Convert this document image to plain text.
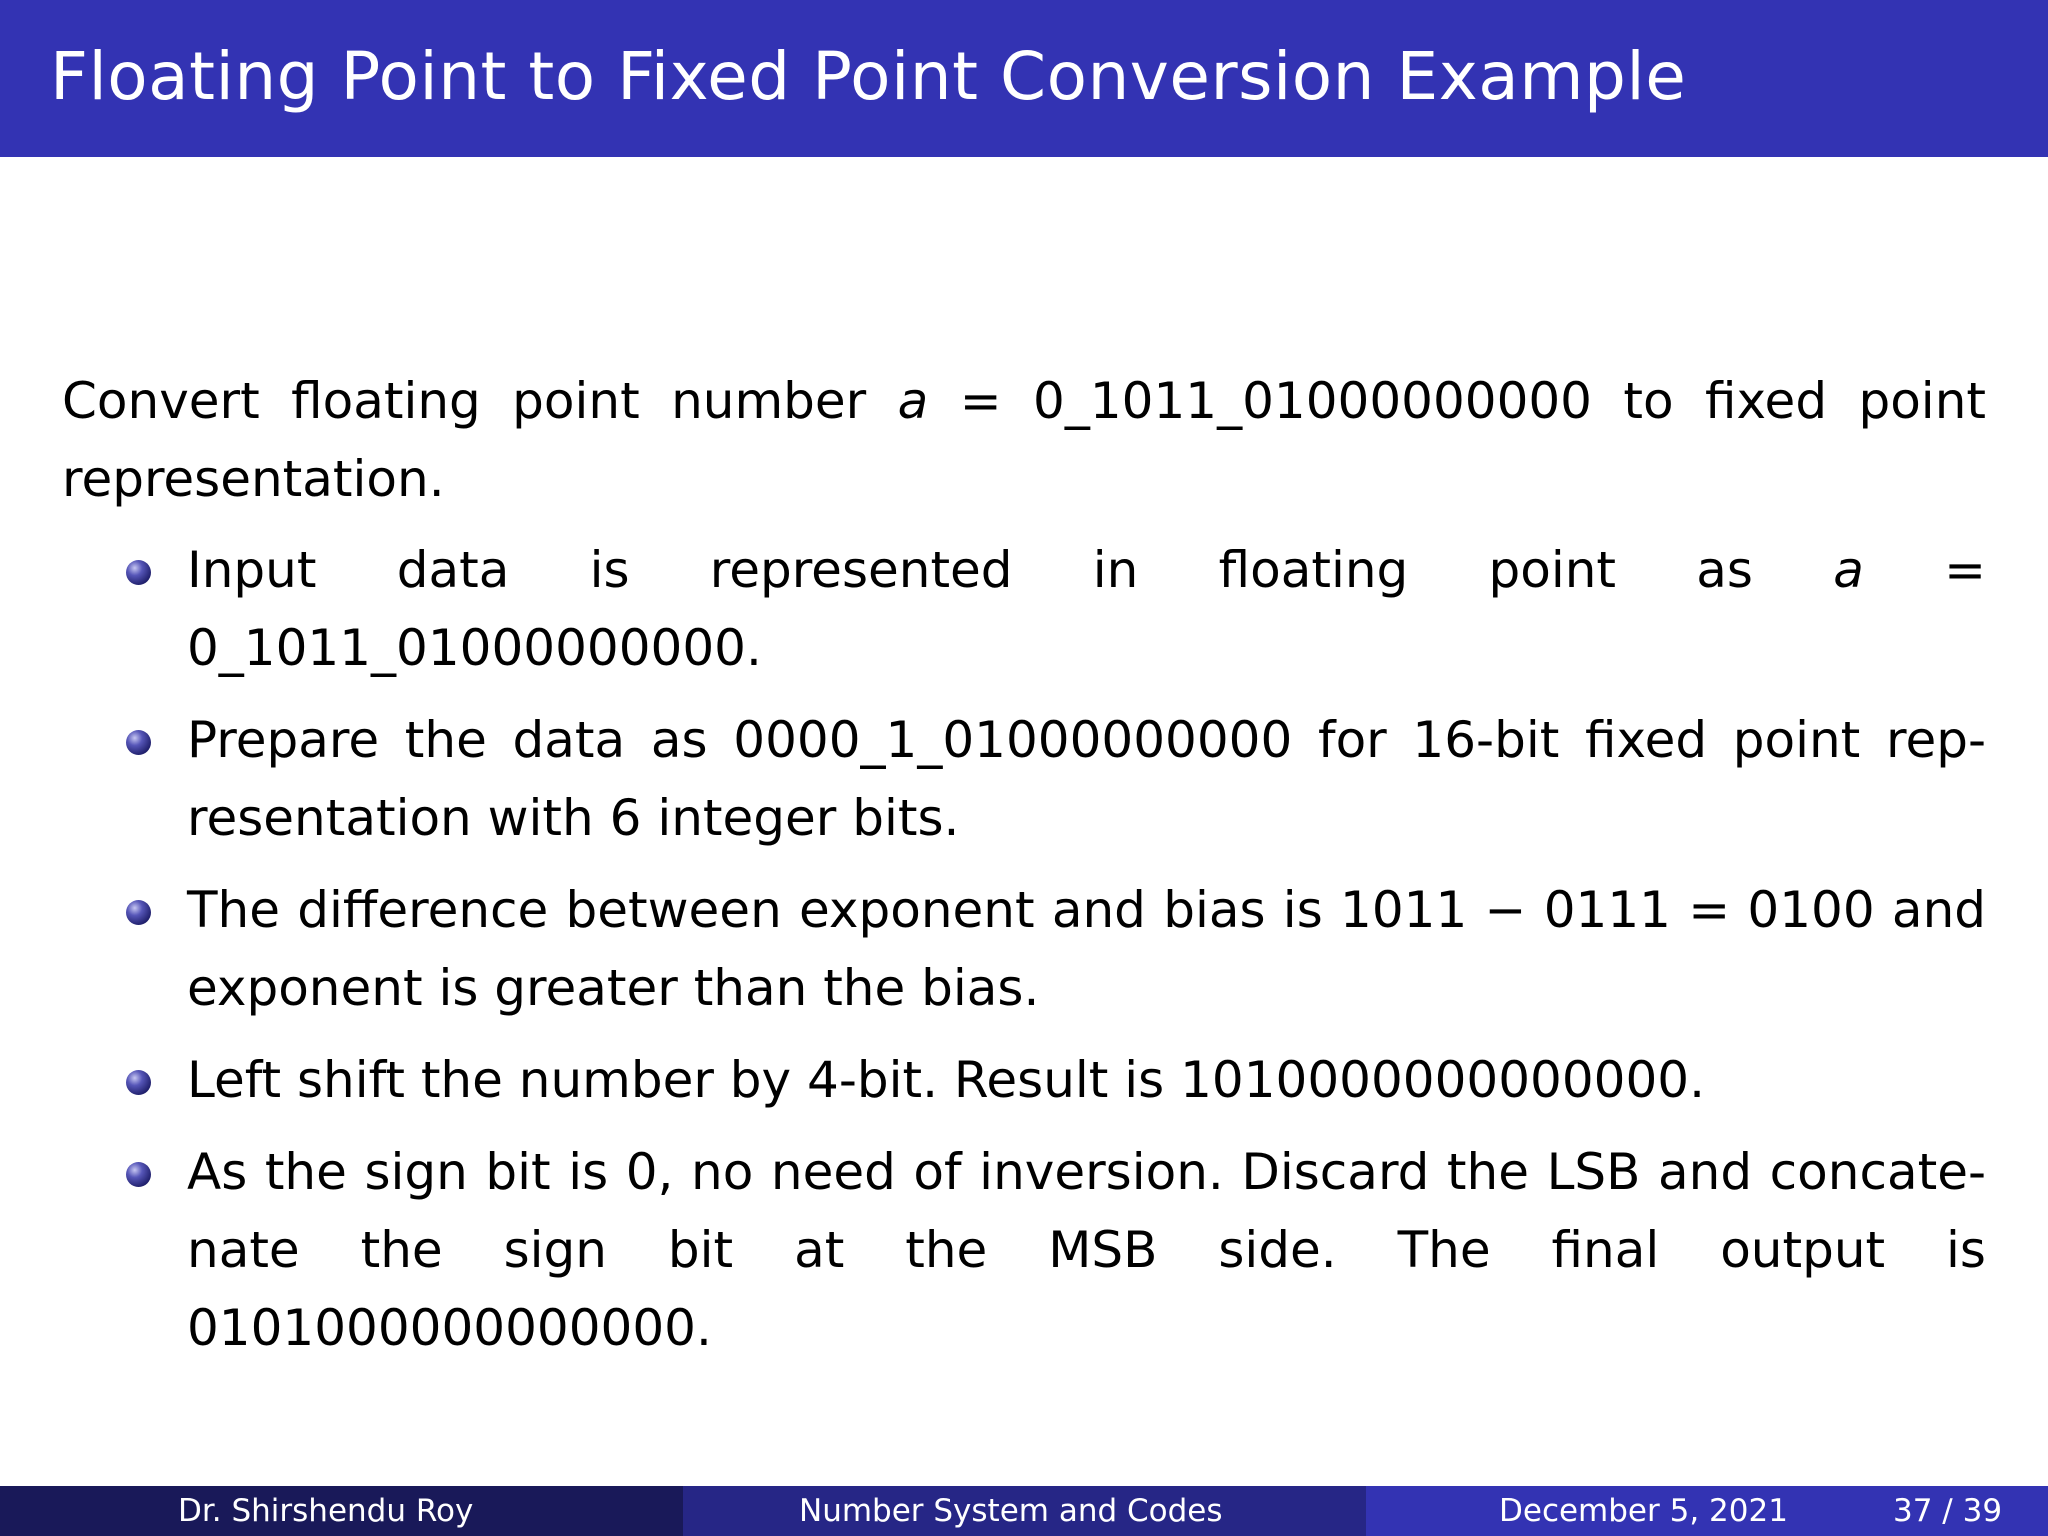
Floating Point to Fixed Point Conversion Example

Convert floating point number a = 0_1011_01000000000 to fixed point representation.

Input data is represented in floating point as a = 0_1011_01000000000.
Prepare the data as 0000_1_01000000000 for 16-bit fixed point rep-resentation with 6 integer bits.
The difference between exponent and bias is 1011 − 0111 = 0100 and exponent is greater than the bias.
Left shift the number by 4-bit. Result is 1010000000000000.
As the sign bit is 0, no need of inversion. Discard the LSB and concate-nate the sign bit at the MSB side. The final output is 0101000000000000.
Dr. Shirshendu Roy	Number System and Codes	December 5, 2021	37 / 39
